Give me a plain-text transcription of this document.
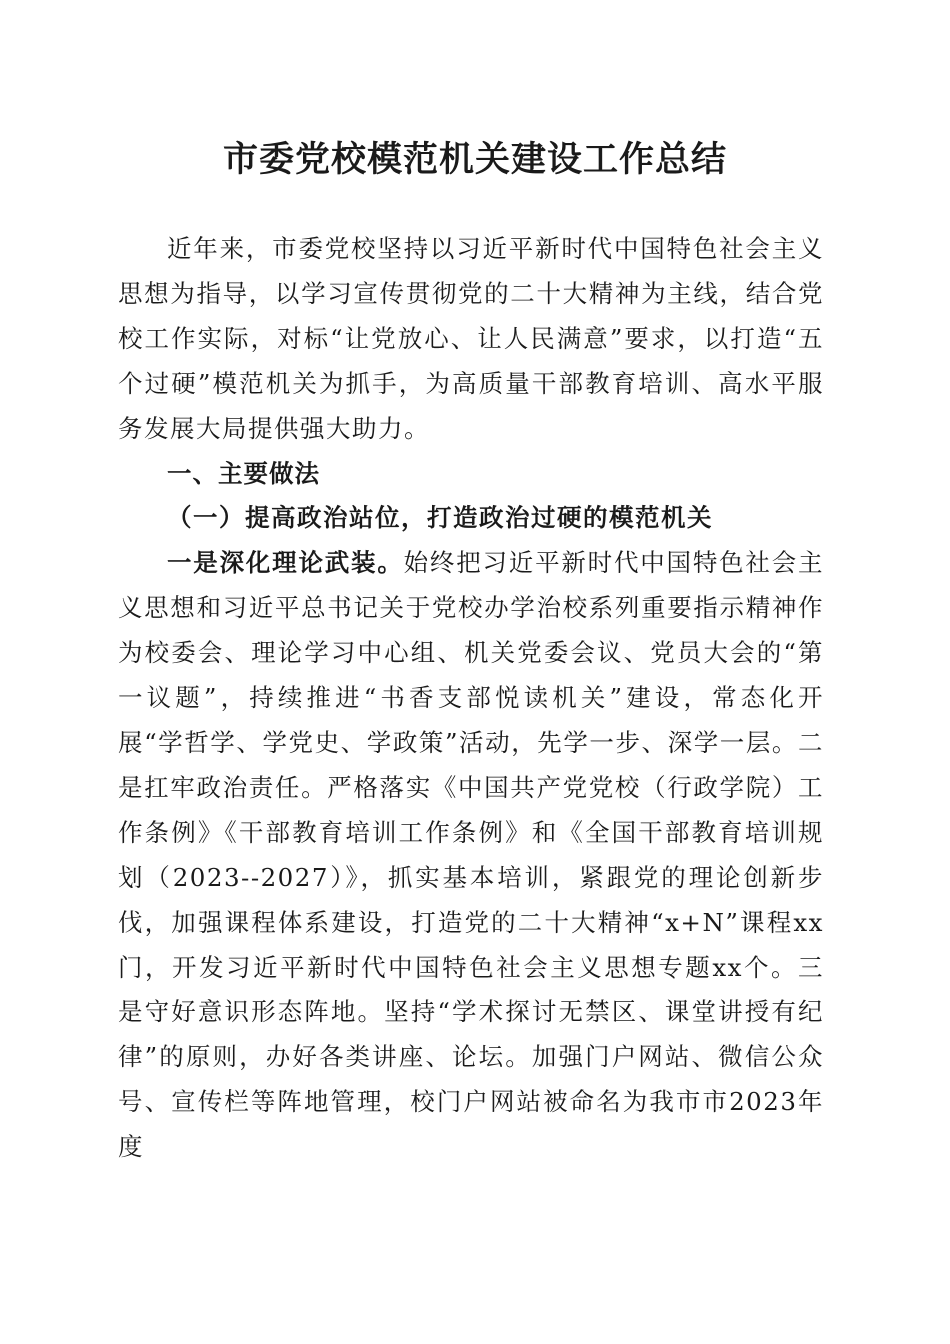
市委党校模范机关建设工作总结

近年来，市委党校坚持以习近平新时代中国特色社会主义思想为指导，以学习宣传贯彻党的二十大精神为主线，结合党校工作实际，对标“让党放心、让人民满意”要求，以打造“五个过硬”模范机关为抓手，为高质量干部教育培训、高水平服务发展大局提供强大助力。

一、主要做法

（一）提高政治站位，打造政治过硬的模范机关

一是深化理论武装。始终把习近平新时代中国特色社会主义思想和习近平总书记关于党校办学治校系列重要指示精神作为校委会、理论学习中心组、机关党委会议、党员大会的“第一议题”，持续推进“书香支部悦读机关”建设，常态化开展“学哲学、学党史、学政策”活动，先学一步、深学一层。二是扛牢政治责任。严格落实《中国共产党党校（行政学院）工作条例》《干部教育培训工作条例》和《全国干部教育培训规划（2023--2027）》，抓实基本培训，紧跟党的理论创新步伐，加强课程体系建设，打造党的二十大精神“x+N”课程xx门，开发习近平新时代中国特色社会主义思想专题xx个。三是守好意识形态阵地。坚持“学术探讨无禁区、课堂讲授有纪律”的原则，办好各类讲座、论坛。加强门户网站、微信公众号、宣传栏等阵地管理，校门户网站被命名为我市市2023年度
